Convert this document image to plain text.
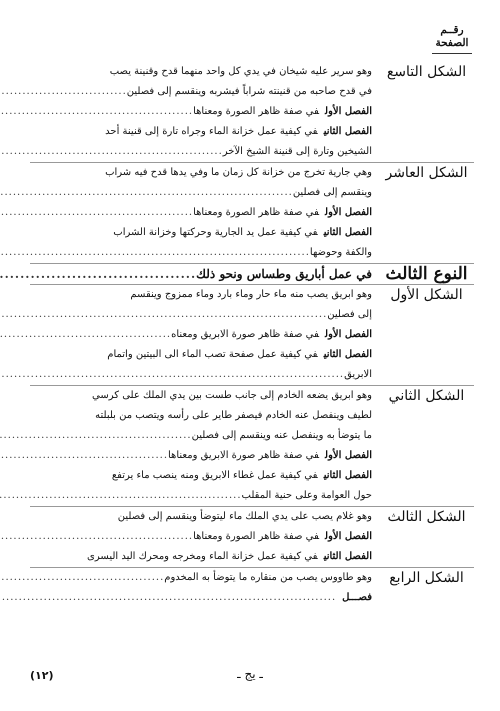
رقــم
الصفحة
الشكل التاسع
وهو سرير عليه شيخان في يدي كل واحد منهما قدح وقنينة يصب
في قدح صاحبه من قنينته شراباً فيشربه وينقسم إلى فصلين
.....
الفصل الأولفي صفة ظاهر الصورة ومعناها
.....
الفصل الثانيفي كيفية عمل خزانة الماء وجراه تارة إلى قنينة أحد
الشيخين وتارة إلى قنينة الشيخ الآخر
.....
الشكل العاشر
وهي جارية تخرج من خزانة كل زمان ما وفي يدها قدح فيه شراب
وينقسم إلى فصلين
.....
الفصل الأولفي صفة ظاهر الصورة ومعناها
.....
الفصل الثانيفي كيفية عمل يد الجارية وحركتها وخزانة الشراب
والكفة وحوضها
.....
النوع الثالث
في عمل أباريق وطساس ونحو ذلك
.....
الشكل الأول
وهو ابريق يصب منه ماء حار وماء بارد وماء ممزوج وينقسم
إلى فصلين
.....
الفصل الأولفي صفة ظاهر صورة الابريق ومعناه
.....
الفصل الثانيفي كيفية عمل صفحة تصب الماء الى البيتين واتمام
الابريق
.....
الشكل الثاني
وهو ابريق يضعه الخادم إلى جانب طست بين يدي الملك على كرسي
لطيف وينفصل عنه الخادم فيصفر طاير على رأسه ويتصب من بلبلته
ما يتوضأ به وينفصل عنه وينقسم إلى فصلين
.....
الفصل الأولفي صفة ظاهر صورة الابريق ومعناها
.....
الفصل الثانيفي كيفية عمل غطاء الابريق ومنه ينصب ماء يرتفع
حول العوامة وعلى حنية المقلب
.....
الشكل الثالث
وهو غلام يصب على يدي الملك ماء ليتوضأ وينقسم إلى فصلين
الفصل الأولفي صفة ظاهر الصورة ومعناها
.....
الفصل الثانيفي كيفية عمل خزانة الماء ومخرجه ومحرك اليد اليسرى
الشكل الرابع
وهو طاووس يصب من منقاره ما يتوضأ به المخدوم
.....
فصـــل
.....
ـ يج ـ
(١٢)
